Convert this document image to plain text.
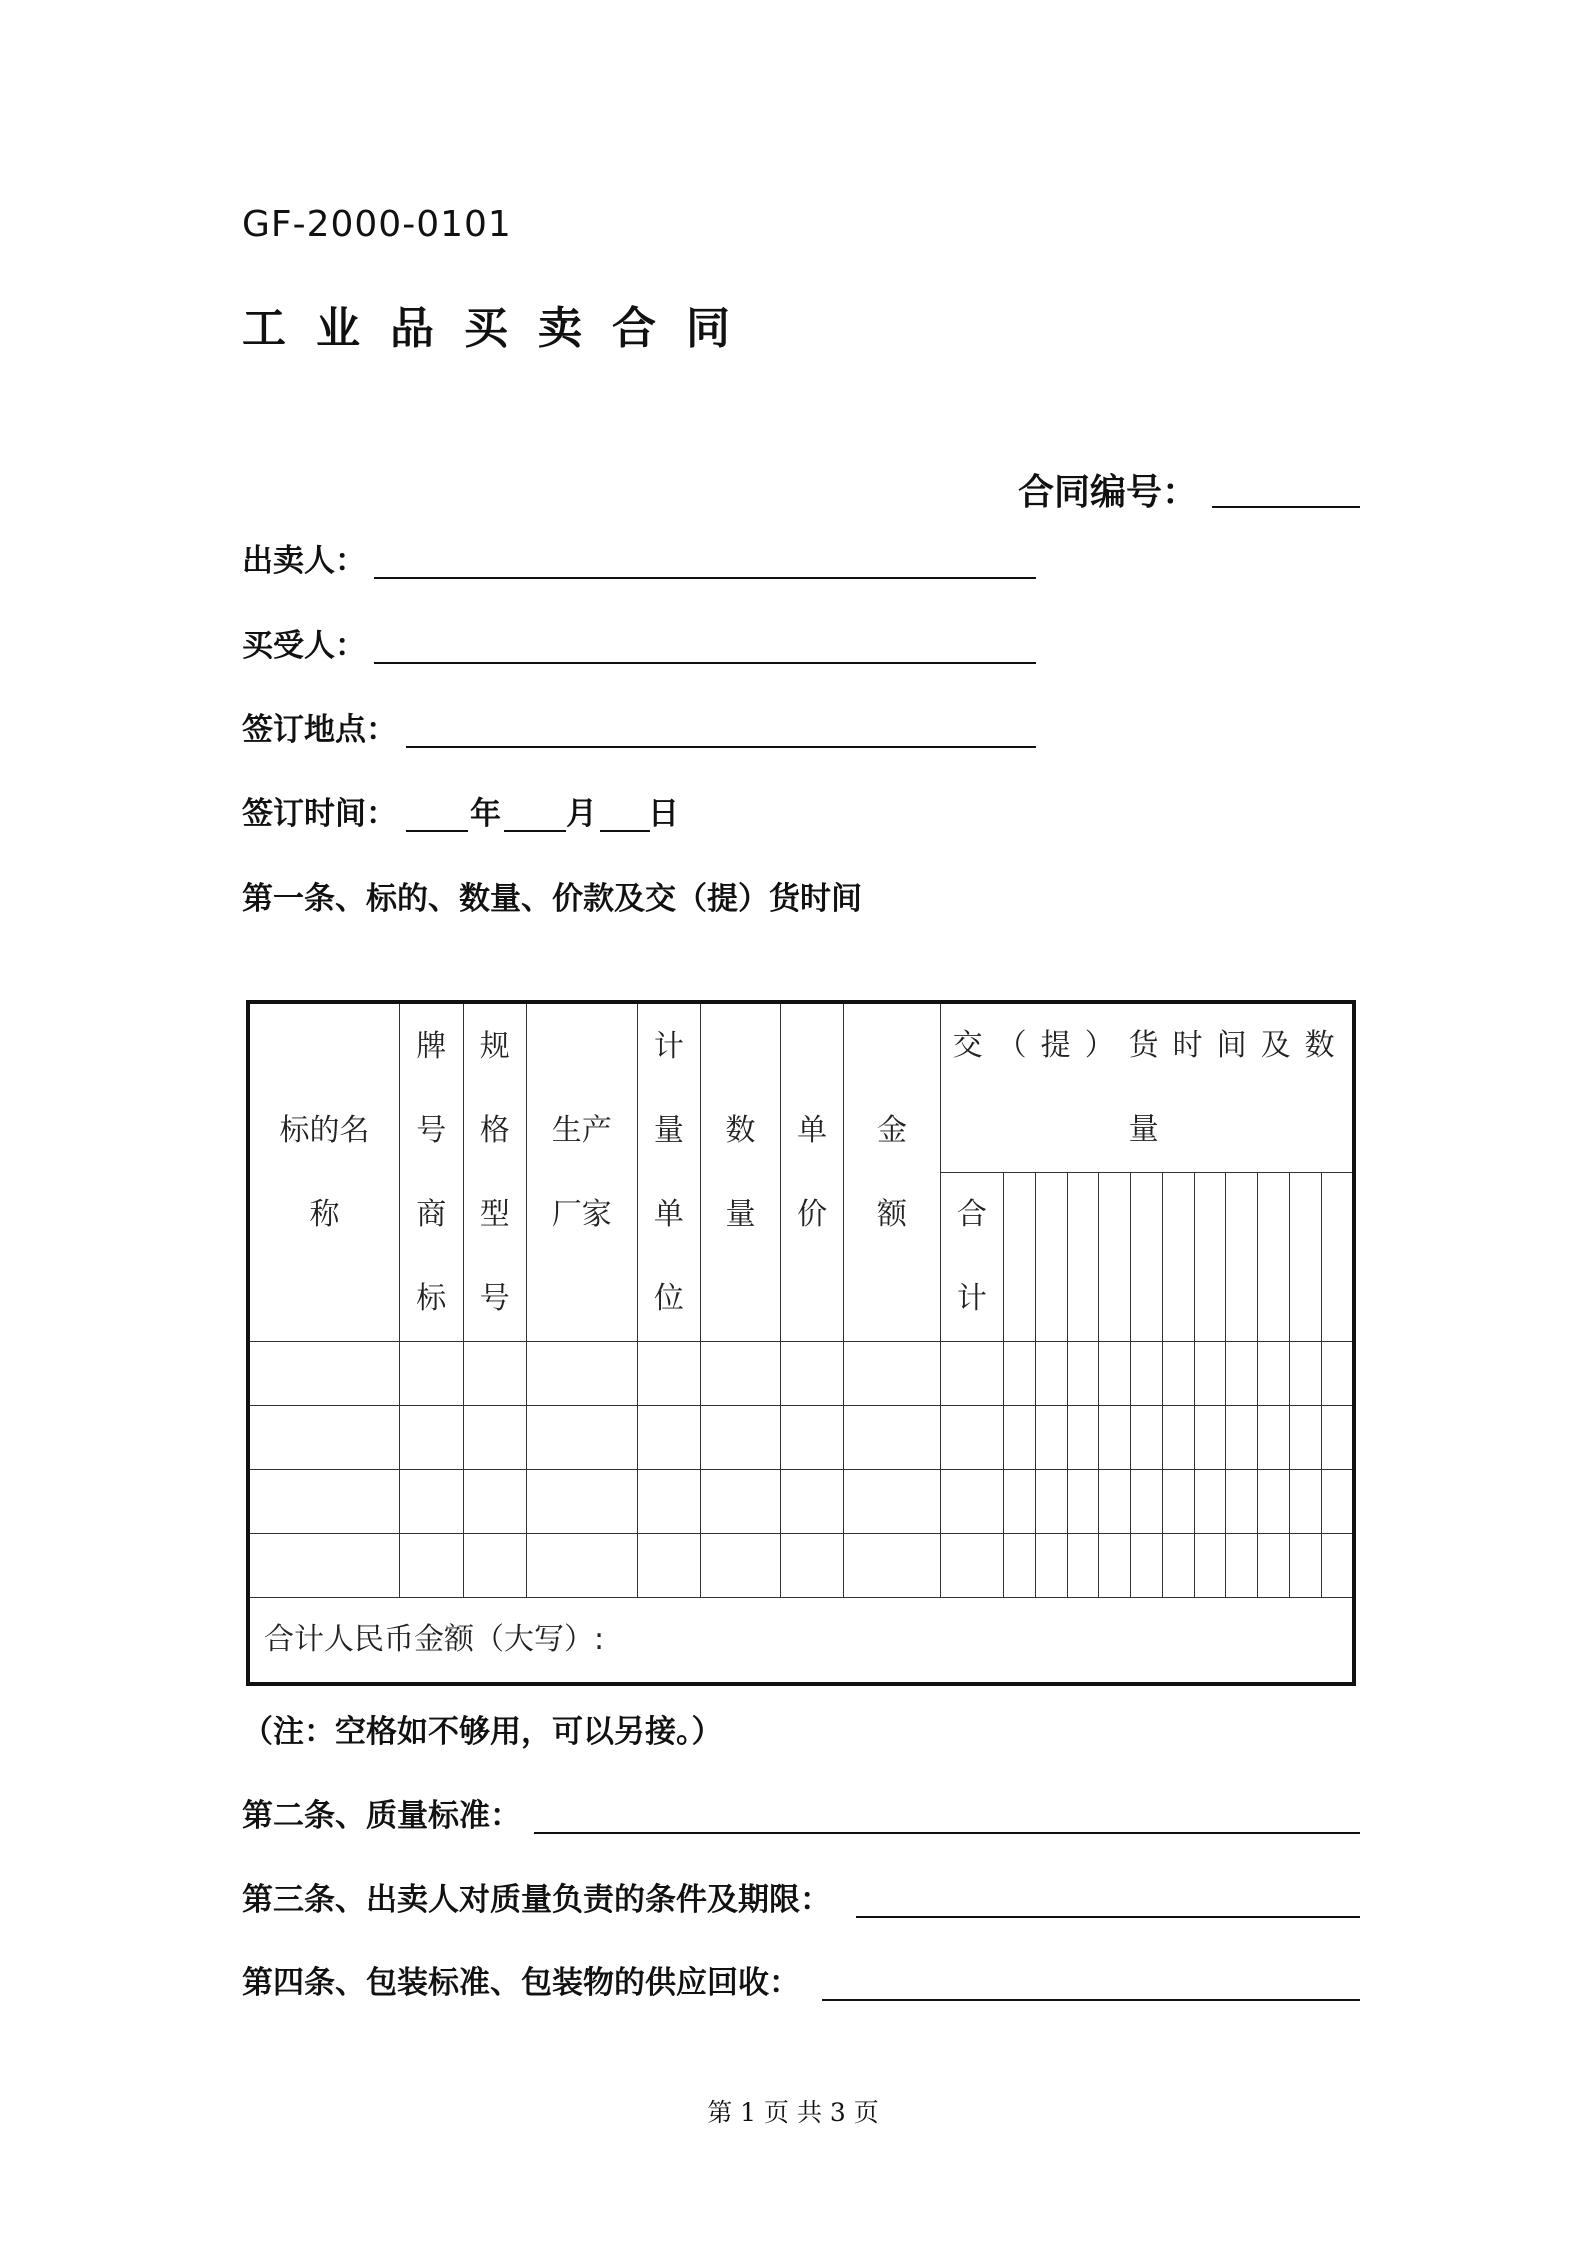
GF-2000-0101
工业品买卖合同
合同编号：
出卖人：
买受人：
签订地点：
签订时间： 年 月 日
第一条、标的、数量、价款及交（提）货时间
标的名称	牌号商标	规格型号	生产厂家	计量单位	数量	单价	金额	交（提）货时间及数量											

								合计											

合计人民币金额（大写）:																			
（注：空格如不够用，可以另接。）
第二条、质量标准：
第三条、出卖人对质量负责的条件及期限：
第四条、包装标准、包装物的供应回收：
第 1 页 共 3 页
